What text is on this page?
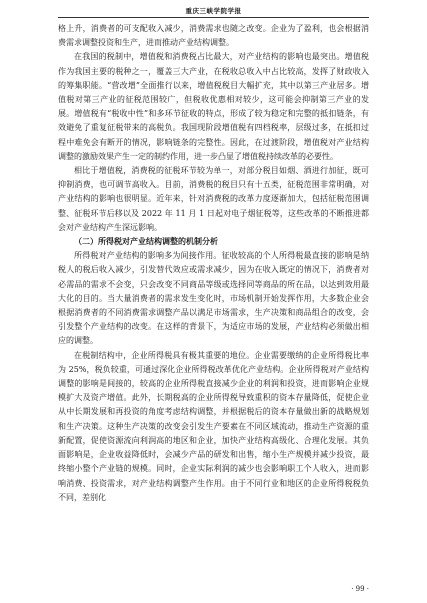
重庆三峡学院学报

格上升，消费者的可支配收入减少，消费需求也随之改变。企业为了盈利，也会根据消费需求调整投资和生产，进而推动产业结构调整。

在我国的税制中，增值税和消费税占比最大，对产业结构的影响也最突出。增值税作为我国主要的税种之一，覆盖三大产业，在税收总收入中占比较高，发挥了财政收入的筹集职能。“营改增”全面推行以来，增值税税目大幅扩充，其中以第三产业居多。增值税对第三产业的征税范围较广，但税收优惠相对较少，这可能会抑制第三产业的发展。增值税有“税收中性”和多环节征收的特点，形成了较为稳定和完整的抵扣链条，有效避免了重复征税带来的高税负。我国现阶段增值税有四档税率，层级过多，在抵扣过程中难免会有断开的情况，影响链条的完整性。因此，在过渡阶段，增值税对产业结构调整的激励效果产生一定的制约作用，进一步凸显了增值税持续改革的必要性。

相比于增值税，消费税的征税环节较为单一，对部分税目如烟、酒进行加征，既可抑制消费，也可调节高收入。目前，消费税的税目只有十五类，征税范围非常明确，对产业结构的影响也很明显。近年来，针对消费税的改革力度逐渐加大，包括征税范围调整、征税环节后移以及 2022 年 11 月 1 日起对电子烟征税等，这些改革的不断推进都会对产业结构产生深远影响。

（二）所得税对产业结构调整的机制分析

所得税对产业结构的影响多为间接作用。征收较高的个人所得税最直接的影响是纳税人的税后收入减少，引发替代效应或需求减少，因为在收入既定的情况下，消费者对必需品的需求不会变，只会改变不同商品等级或选择同等商品的所在品，以达到效用最大化的目的。当大量消费者的需求发生变化时，市场机制开始发挥作用，大多数企业会根据消费者的不同消费需求调整产品以满足市场需求，生产决策和商品组合的改变，会引发整个产业结构的改变。在这样的背景下，为适应市场的发展，产业结构必须做出相应的调整。

在税制结构中，企业所得税具有极其重要的地位。企业需要缴纳的企业所得税比率为 25%，税负较重，可通过深化企业所得税改革优化产业结构。企业所得税对产业结构调整的影响是间接的，较高的企业所得税直接减少企业的利润和投资，进而影响企业规模扩大及资产增值。此外，长期税高的企业所得税导致重积的资本存量降低，促使企业从中长期发展和再投资的角度考虑结构调整，并根据税后的资本存量做出新的战略规划和生产决策。这种生产决策的改变会引发生产要素在不同区域流动，推动生产资源的重新配置，促使资源流向利润高的地区和企业，加快产业结构高级化、合理化发展。其负面影响是，企业收益降低时，会减少产品的研发和出售，缩小生产规模并减少投资，最终缩小整个产业链的规模。同时，企业实际利润的减少也会影响职工个人收入，进而影响消费、投资需求，对产业结构调整产生作用。由于不同行业和地区的企业所得税税负不同，差别化

· 99 ·
